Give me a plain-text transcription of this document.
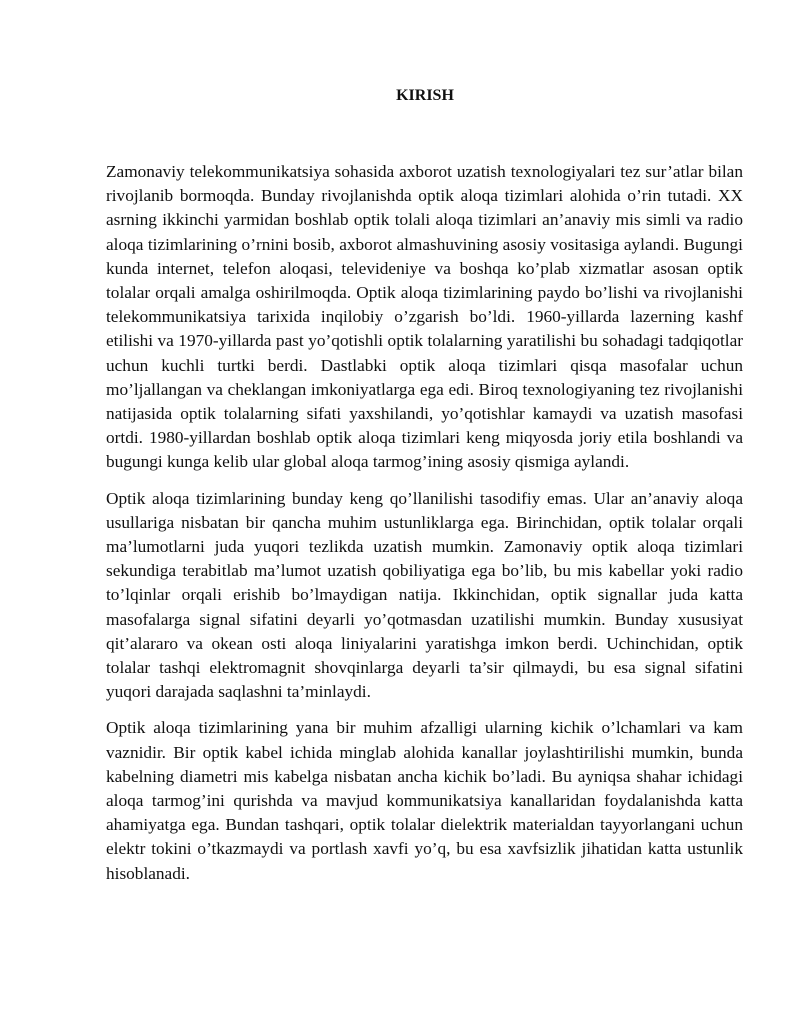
KIRISH

Zamonaviy telekommunikatsiya sohasida axborot uzatish texnologiyalari tez sur’atlar bilan rivojlanib bormoqda. Bunday rivojlanishda optik aloqa tizimlari alohida o’rin tutadi. XX asrning ikkinchi yarmidan boshlab optik tolali aloqa tizimlari an’anaviy mis simli va radio aloqa tizimlarining o’rnini bosib, axborot almashuvining asosiy vositasiga aylandi. Bugungi kunda internet, telefon aloqasi, televideniye va boshqa ko’plab xizmatlar asosan optik tolalar orqali amalga oshirilmoqda. Optik aloqa tizimlarining paydo bo’lishi va rivojlanishi telekommunikatsiya tarixida inqilobiy o’zgarish bo’ldi. 1960-yillarda lazerning kashf etilishi va 1970-yillarda past yo’qotishli optik tolalarning yaratilishi bu sohadagi tadqiqotlar uchun kuchli turtki berdi. Dastlabki optik aloqa tizimlari qisqa masofalar uchun mo’ljallangan va cheklangan imkoniyatlarga ega edi. Biroq texnologiyaning tez rivojlanishi natijasida optik tolalarning sifati yaxshilandi, yo’qotishlar kamaydi va uzatish masofasi ortdi. 1980-yillardan boshlab optik aloqa tizimlari keng miqyosda joriy etila boshlandi va bugungi kunga kelib ular global aloqa tarmog’ining asosiy qismiga aylandi.

Optik aloqa tizimlarining bunday keng qo’llanilishi tasodifiy emas. Ular an’anaviy aloqa usullariga nisbatan bir qancha muhim ustunliklarga ega. Birinchidan, optik tolalar orqali ma’lumotlarni juda yuqori tezlikda uzatish mumkin. Zamonaviy optik aloqa tizimlari sekundiga terabitlab ma’lumot uzatish qobiliyatiga ega bo’lib, bu mis kabellar yoki radio to’lqinlar orqali erishib bo’lmaydigan natija. Ikkinchidan, optik signallar juda katta masofalarga signal sifatini deyarli yo’qotmasdan uzatilishi mumkin. Bunday xususiyat qit’alararo va okean osti aloqa liniyalarini yaratishga imkon berdi. Uchinchidan, optik tolalar tashqi elektromagnit shovqinlarga deyarli ta’sir qilmaydi, bu esa signal sifatini yuqori darajada saqlashni ta’minlaydi.

Optik aloqa tizimlarining yana bir muhim afzalligi ularning kichik o’lchamlari va kam vaznidir. Bir optik kabel ichida minglab alohida kanallar joylashtirilishi mumkin, bunda kabelning diametri mis kabelga nisbatan ancha kichik bo’ladi. Bu ayniqsa shahar ichidagi aloqa tarmog’ini qurishda va mavjud kommunikatsiya kanallaridan foydalanishda katta ahamiyatga ega. Bundan tashqari, optik tolalar dielektrik materialdan tayyorlangani uchun elektr tokini o’tkazmaydi va portlash xavfi yo’q, bu esa xavfsizlik jihatidan katta ustunlik hisoblanadi.
